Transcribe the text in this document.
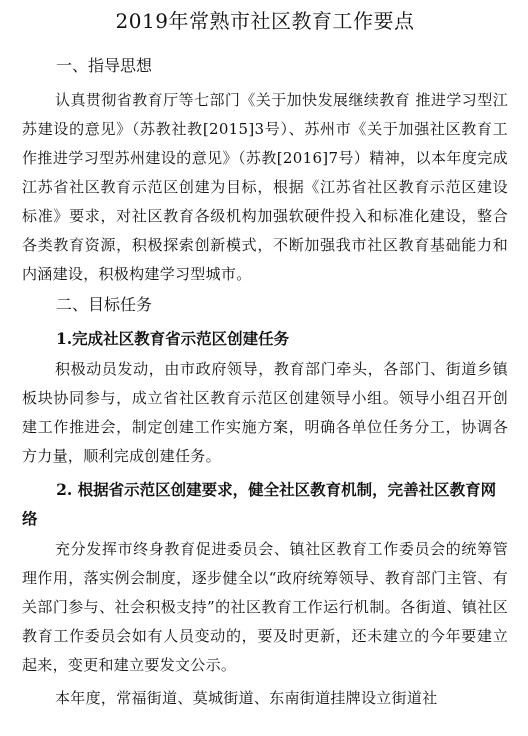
2019年常熟市社区教育工作要点
一、指导思想

认真贯彻省教育厅等七部门《关于加快发展继续教育 推进学习型江苏建设的意见》（苏教社教[2015]3号）、苏州市《关于加强社区教育工作推进学习型苏州建设的意见》（苏教[2016]7号）精神，以本年度完成江苏省社区教育示范区创建为目标，根据《江苏省社区教育示范区建设标准》要求，对社区教育各级机构加强软硬件投入和标准化建设，整合各类教育资源，积极探索创新模式，不断加强我市社区教育基础能力和内涵建设，积极构建学习型城市。

二、目标任务
1.完成社区教育省示范区创建任务

积极动员发动，由市政府领导，教育部门牵头，各部门、街道乡镇板块协同参与，成立省社区教育示范区创建领导小组。领导小组召开创建工作推进会，制定创建工作实施方案，明确各单位任务分工，协调各方力量，顺利完成创建任务。

2. 根据省示范区创建要求，健全社区教育机制，完善社区教育网络

充分发挥市终身教育促进委员会、镇社区教育工作委员会的统筹管理作用，落实例会制度，逐步健全以“政府统筹领导、教育部门主管、有关部门参与、社会积极支持”的社区教育工作运行机制。各街道、镇社区教育工作委员会如有人员变动的，要及时更新，还未建立的今年要建立起来，变更和建立要发文公示。

本年度，常福街道、莫城街道、东南街道挂牌设立街道社
